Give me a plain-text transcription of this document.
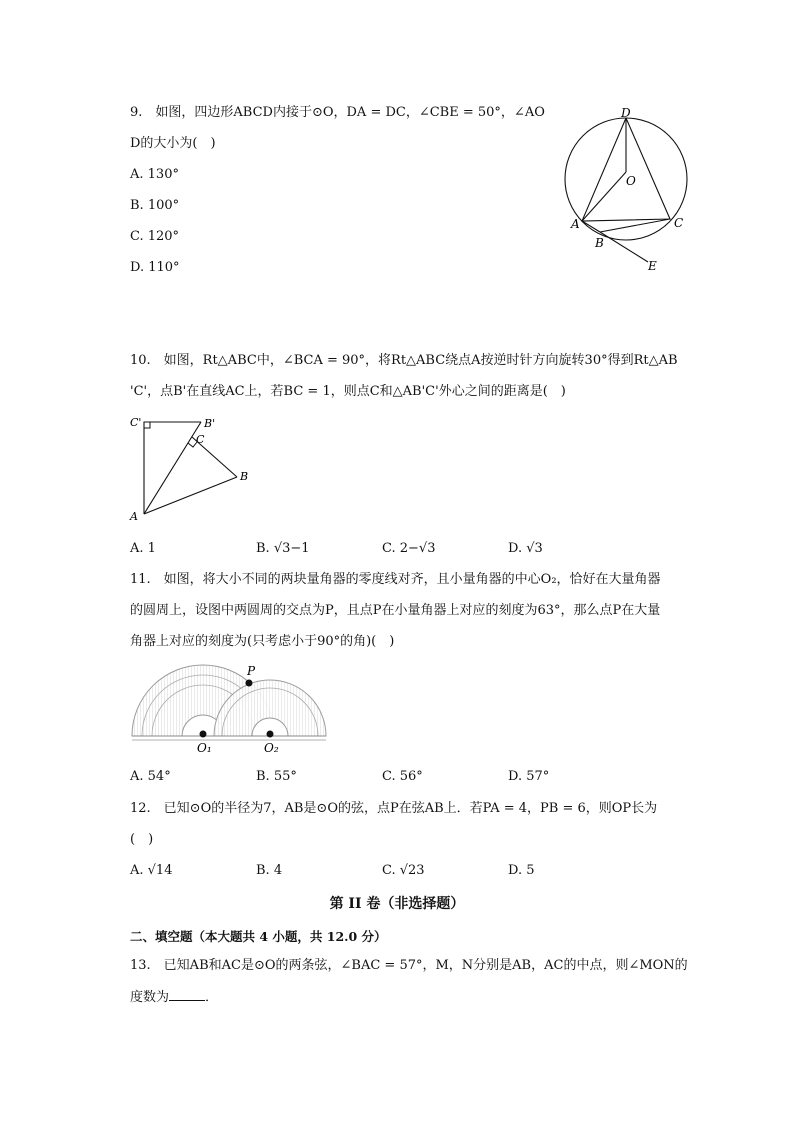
9.　如图，四边形ABCD内接于⊙O，DA = DC，∠CBE = 50°，∠AO
D的大小为(　)
A. 130°
B. 100°
C. 120°
D. 110°
D
O
A
B
C
E
10.　如图，Rt△ABC中，∠BCA = 90°，将Rt△ABC绕点A按逆时针方向旋转30°得到Rt△AB
'C'，点B'在直线AC上，若BC = 1，则点C和△AB'C'外心之间的距离是(　)
C'	B'
C
B
A
A. 1	B. √3−1	C. 2−√3	D. √3
11.　如图，将大小不同的两块量角器的零度线对齐，且小量角器的中心O₂，恰好在大量角器
的圆周上，设图中两圆周的交点为P，且点P在小量角器上对应的刻度为63°，那么点P在大量
角器上对应的刻度为(只考虑小于90°的角)(　)
P
O₁	O₂
A. 54°	B. 55°	C. 56°	D. 57°
12.　已知⊙O的半径为7，AB是⊙O的弦，点P在弦AB上．若PA = 4，PB = 6，则OP长为
(　)
A. √14	B. 4	C. √23	D. 5
第 II 卷（非选择题）
二、填空题（本大题共 4 小题，共 12.0 分）
13.　已知AB和AC是⊙O的两条弦，∠BAC = 57°，M，N分别是AB，AC的中点，则∠MON的
度数为	．
